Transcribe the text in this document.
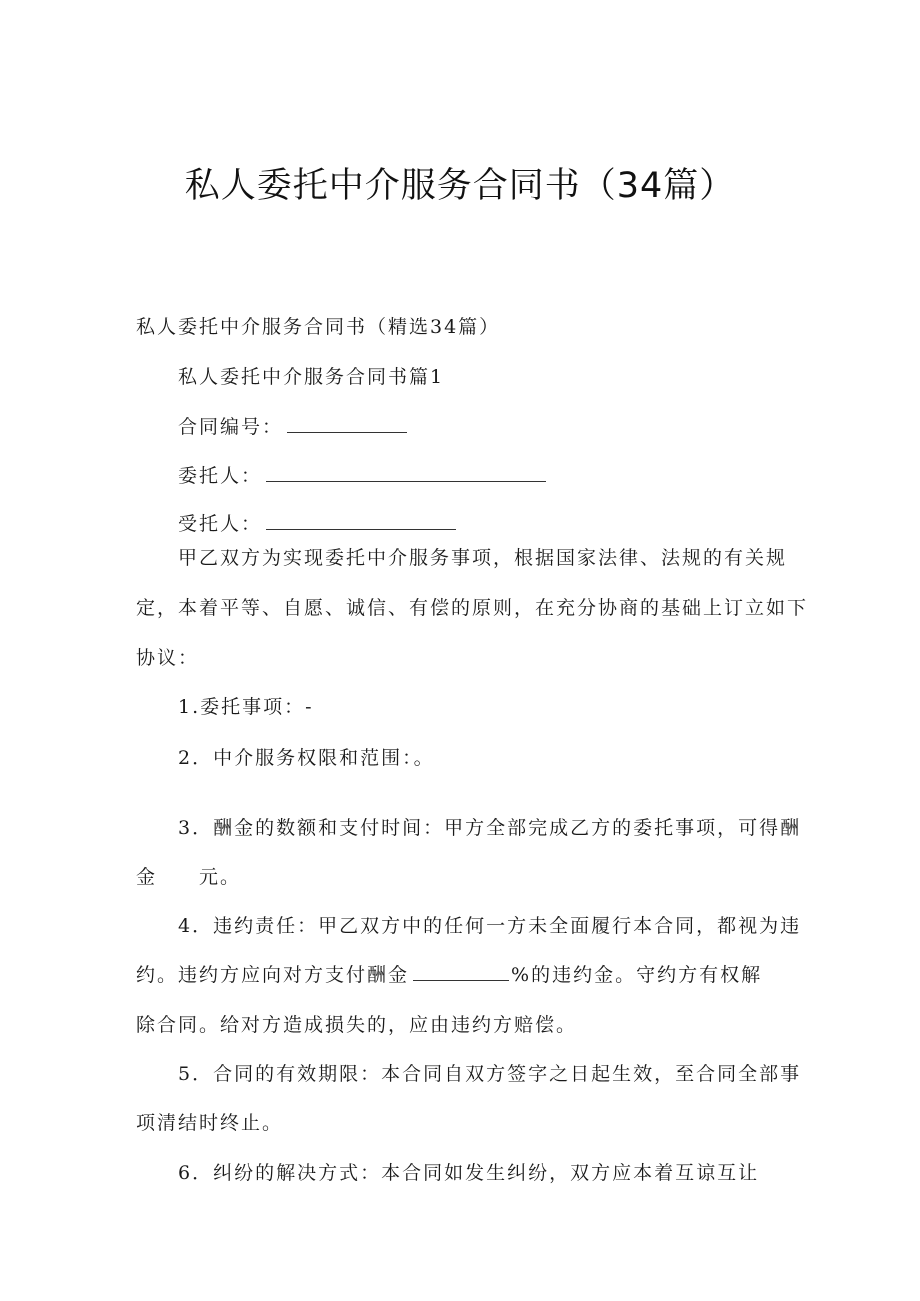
私人委托中介服务合同书（34篇）
私人委托中介服务合同书（精选34篇）
私人委托中介服务合同书篇1
合同编号：
委托人：
受托人：
甲乙双方为实现委托中介服务事项，根据国家法律、法规的有关规
定，本着平等、自愿、诚信、有偿的原则，在充分协商的基础上订立如下
协议：
1.委托事项：-
2．中介服务权限和范围：。
3．酬金的数额和支付时间：甲方全部完成乙方的委托事项，可得酬
金　　元。
4．违约责任：甲乙双方中的任何一方未全面履行本合同，都视为违
约。违约方应向对方支付酬金	%的违约金。守约方有权解
除合同。给对方造成损失的，应由违约方赔偿。
5．合同的有效期限：本合同自双方签字之日起生效，至合同全部事
项清结时终止。
6．纠纷的解决方式：本合同如发生纠纷，双方应本着互谅互让
